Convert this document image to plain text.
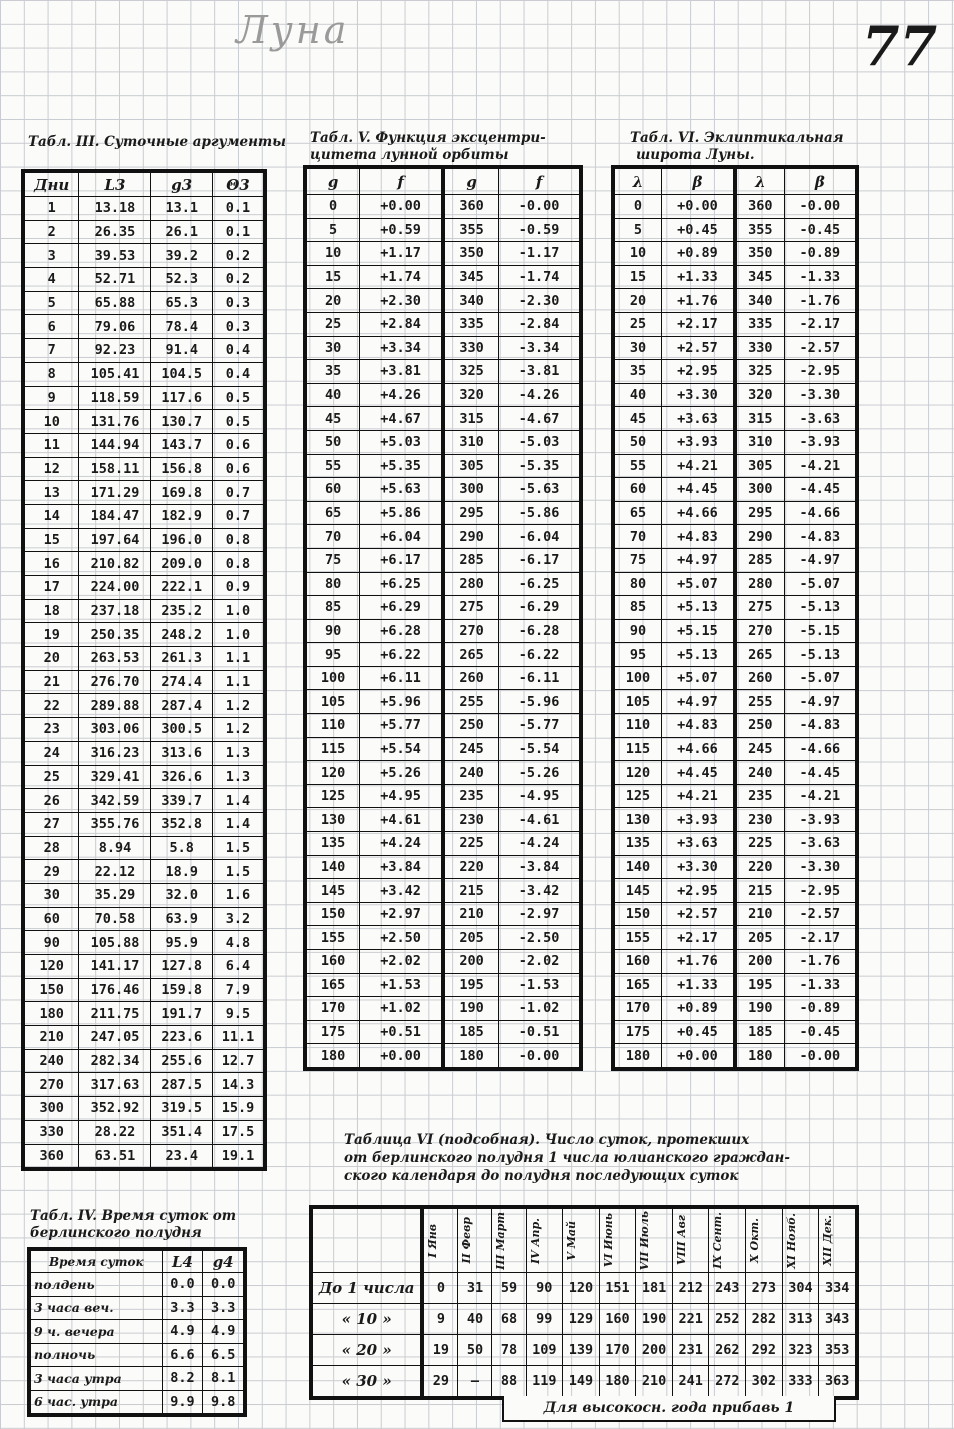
Луна	77
Табл. III. Суточные аргументы Табл. V. Функция эксцентри-
цитета лунной орбиты
Табл. VI. Эклиптикальная
широта Луны.
Дни	L3	g3	Θ3
1	13.18	13.1	0.1
2	26.35	26.1	0.1
3	39.53	39.2	0.2
4	52.71	52.3	0.2
5	65.88	65.3	0.3
6	79.06	78.4	0.3
7	92.23	91.4	0.4
8	105.41	104.5	0.4
9	118.59	117.6	0.5
10	131.76	130.7	0.5
11	144.94	143.7	0.6
12	158.11	156.8	0.6
13	171.29	169.8	0.7
14	184.47	182.9	0.7
15	197.64	196.0	0.8
16	210.82	209.0	0.8
17	224.00	222.1	0.9
18	237.18	235.2	1.0
19	250.35	248.2	1.0
20	263.53	261.3	1.1
21	276.70	274.4	1.1
22	289.88	287.4	1.2
23	303.06	300.5	1.2
24	316.23	313.6	1.3
25	329.41	326.6	1.3
26	342.59	339.7	1.4
27	355.76	352.8	1.4
28	8.94	5.8	1.5
29	22.12	18.9	1.5
30	35.29	32.0	1.6
60	70.58	63.9	3.2
90	105.88	95.9	4.8
120	141.17	127.8	6.4
150	176.46	159.8	7.9
180	211.75	191.7	9.5
210	247.05	223.6	11.1
240	282.34	255.6	12.7
270	317.63	287.5	14.3
300	352.92	319.5	15.9
330	28.22	351.4	17.5
360	63.51	23.4	19.1
g	f	g	f
0	+0.00	360	-0.00
5	+0.59	355	-0.59
10	+1.17	350	-1.17
15	+1.74	345	-1.74
20	+2.30	340	-2.30
25	+2.84	335	-2.84
30	+3.34	330	-3.34
35	+3.81	325	-3.81
40	+4.26	320	-4.26
45	+4.67	315	-4.67
50	+5.03	310	-5.03
55	+5.35	305	-5.35
60	+5.63	300	-5.63
65	+5.86	295	-5.86
70	+6.04	290	-6.04
75	+6.17	285	-6.17
80	+6.25	280	-6.25
85	+6.29	275	-6.29
90	+6.28	270	-6.28
95	+6.22	265	-6.22
100	+6.11	260	-6.11
105	+5.96	255	-5.96
110	+5.77	250	-5.77
115	+5.54	245	-5.54
120	+5.26	240	-5.26
125	+4.95	235	-4.95
130	+4.61	230	-4.61
135	+4.24	225	-4.24
140	+3.84	220	-3.84
145	+3.42	215	-3.42
150	+2.97	210	-2.97
155	+2.50	205	-2.50
160	+2.02	200	-2.02
165	+1.53	195	-1.53
170	+1.02	190	-1.02
175	+0.51	185	-0.51
180	+0.00	180	-0.00
λ	β	λ	β
0	+0.00	360	-0.00
5	+0.45	355	-0.45
10	+0.89	350	-0.89
15	+1.33	345	-1.33
20	+1.76	340	-1.76
25	+2.17	335	-2.17
30	+2.57	330	-2.57
35	+2.95	325	-2.95
40	+3.30	320	-3.30
45	+3.63	315	-3.63
50	+3.93	310	-3.93
55	+4.21	305	-4.21
60	+4.45	300	-4.45
65	+4.66	295	-4.66
70	+4.83	290	-4.83
75	+4.97	285	-4.97
80	+5.07	280	-5.07
85	+5.13	275	-5.13
90	+5.15	270	-5.15
95	+5.13	265	-5.13
100	+5.07	260	-5.07
105	+4.97	255	-4.97
110	+4.83	250	-4.83
115	+4.66	245	-4.66
120	+4.45	240	-4.45
125	+4.21	235	-4.21
130	+3.93	230	-3.93
135	+3.63	225	-3.63
140	+3.30	220	-3.30
145	+2.95	215	-2.95
150	+2.57	210	-2.57
155	+2.17	205	-2.17
160	+1.76	200	-1.76
165	+1.33	195	-1.33
170	+0.89	190	-0.89
175	+0.45	185	-0.45
180	+0.00	180	-0.00
Табл. IV. Время суток от
берлинского полудня
Время суток	L4	g4
полдень	0.0	0.0
3 часа веч.	3.3	3.3
9 ч. вечера	4.9	4.9
полночь	6.6	6.5
3 часа утра	8.2	8.1
6 час. утра	9.9	9.8
Таблица VI (подсобная). Число суток, протекших
от берлинского полудня 1 числа юлианского граждан-
ского календаря до полудня последующих суток

	I Янв	II Февр	III Март	IV Апр.	V Май	VI Июнь	VII Июль	VIII Авг	IX Сент.	X Окт.	XI Нояб.	XII Дек.

До 1 числа	0	31	59	90	120	151	181	212	243	273	304	334
« 10 »	9	40	68	99	129	160	190	221	252	282	313	343
« 20 »	19	50	78	109	139	170	200	231	262	292	323	353
« 30 »	29	–	88	119	149	180	210	241	272	302	333	363
Для высокосн. года прибавь 1
